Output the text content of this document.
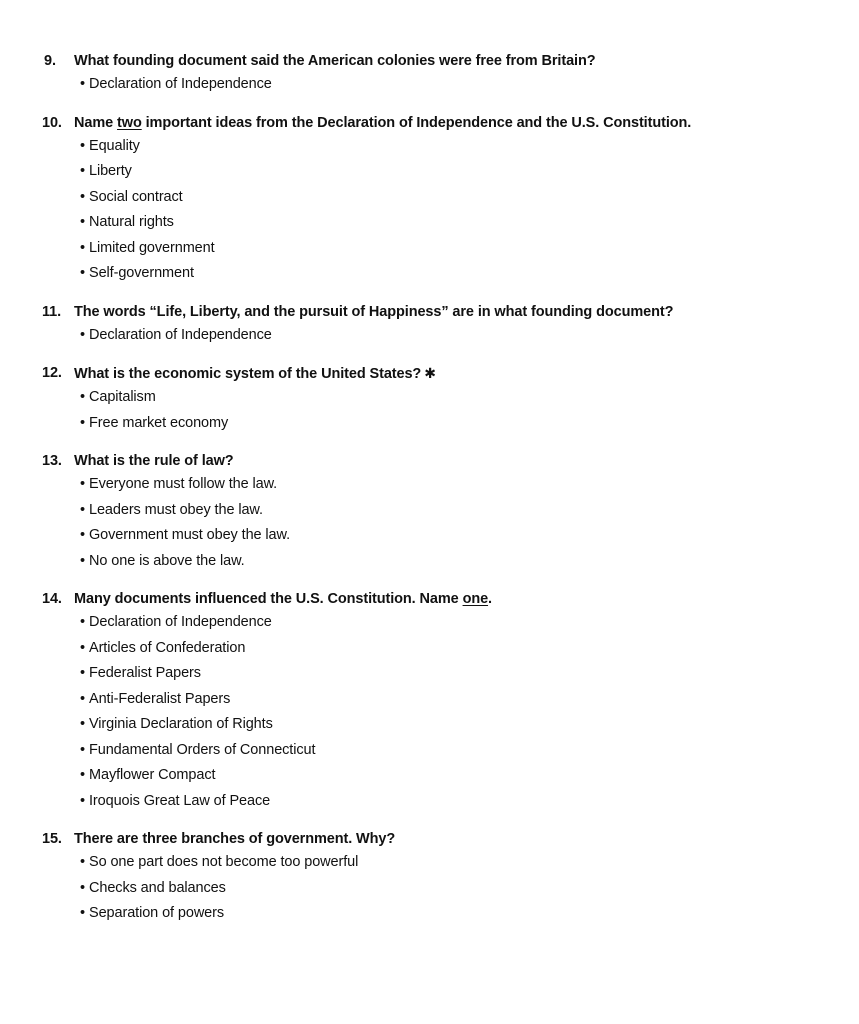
9.	What founding document said the American colonies were free from Britain?
• Declaration of Independence
10. Name two important ideas from the Declaration of Independence and the U.S. Constitution.
• Equality
• Liberty
• Social contract
• Natural rights
• Limited government
• Self-government
11. The words “Life, Liberty, and the pursuit of Happiness” are in what founding document?
• Declaration of Independence
12. What is the economic system of the United States? ✱
• Capitalism
• Free market economy
13. What is the rule of law?
• Everyone must follow the law.
• Leaders must obey the law.
• Government must obey the law.
• No one is above the law.
14. Many documents influenced the U.S. Constitution. Name one.
• Declaration of Independence
• Articles of Confederation
• Federalist Papers
• Anti-Federalist Papers
• Virginia Declaration of Rights
• Fundamental Orders of Connecticut
• Mayflower Compact
• Iroquois Great Law of Peace
15. There are three branches of government. Why?
• So one part does not become too powerful
• Checks and balances
• Separation of powers
